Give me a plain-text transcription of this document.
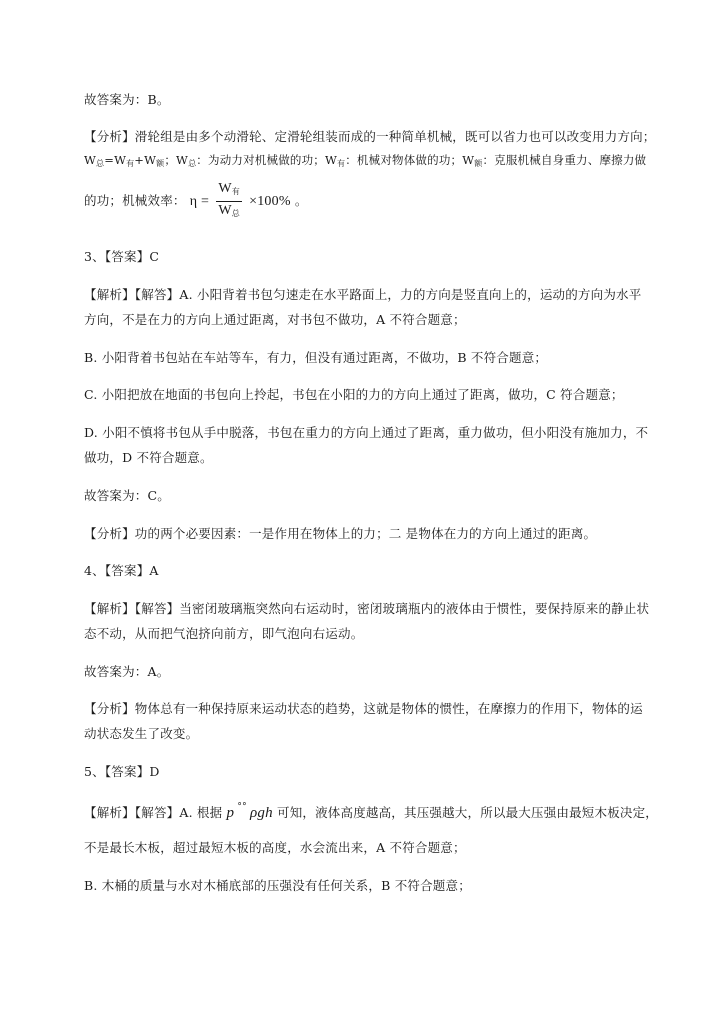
故答案为：B。
【分析】滑轮组是由多个动滑轮、定滑轮组装而成的一种简单机械，既可以省力也可以改变用力方向；
$W_总=W_有+W_额$；$W_总$：为动力对机械做的功；$W_有$：机械对物体做的功；$W_额$：克服机械自身重力、摩擦力做
的功；机械效率： $\eta = \frac{W_有}{W_总} \times 100\%$ 。
3、【答案】C
【解析】【解答】A. 小阳背着书包匀速走在水平路面上，力的方向是竖直向上的，运动的方向为水平
方向，不是在力的方向上通过距离，对书包不做功，A 不符合题意；
B. 小阳背着书包站在车站等车，有力，但没有通过距离，不做功，B 不符合题意；
C. 小阳把放在地面的书包向上拎起，书包在小阳的力的方向上通过了距离，做功，C 符合题意；
D. 小阳不慎将书包从手中脱落，书包在重力的方向上通过了距离，重力做功，但小阳没有施加力，不
做功，D 不符合题意。
故答案为：C。
【分析】功的两个必要因素：一是作用在物体上的力；二 是物体在力的方向上通过的距离。
4、【答案】A
【解析】【解答】当密闭玻璃瓶突然向右运动时，密闭玻璃瓶内的液体由于惯性，要保持原来的静止状
态不动，从而把气泡挤向前方，即气泡向右运动。
故答案为：A。
【分析】物体总有一种保持原来运动状态的趋势，这就是物体的惯性，在摩擦力的作用下，物体的运
动状态发生了改变。
5、【答案】D
【解析】【解答】A. 根据 p °° ρgh 可知，液体高度越高，其压强越大，所以最大压强由最短木板决定，
不是最长木板，超过最短木板的高度，水会流出来，A 不符合题意；
B. 木桶的质量与水对木桶底部的压强没有任何关系，B 不符合题意；
